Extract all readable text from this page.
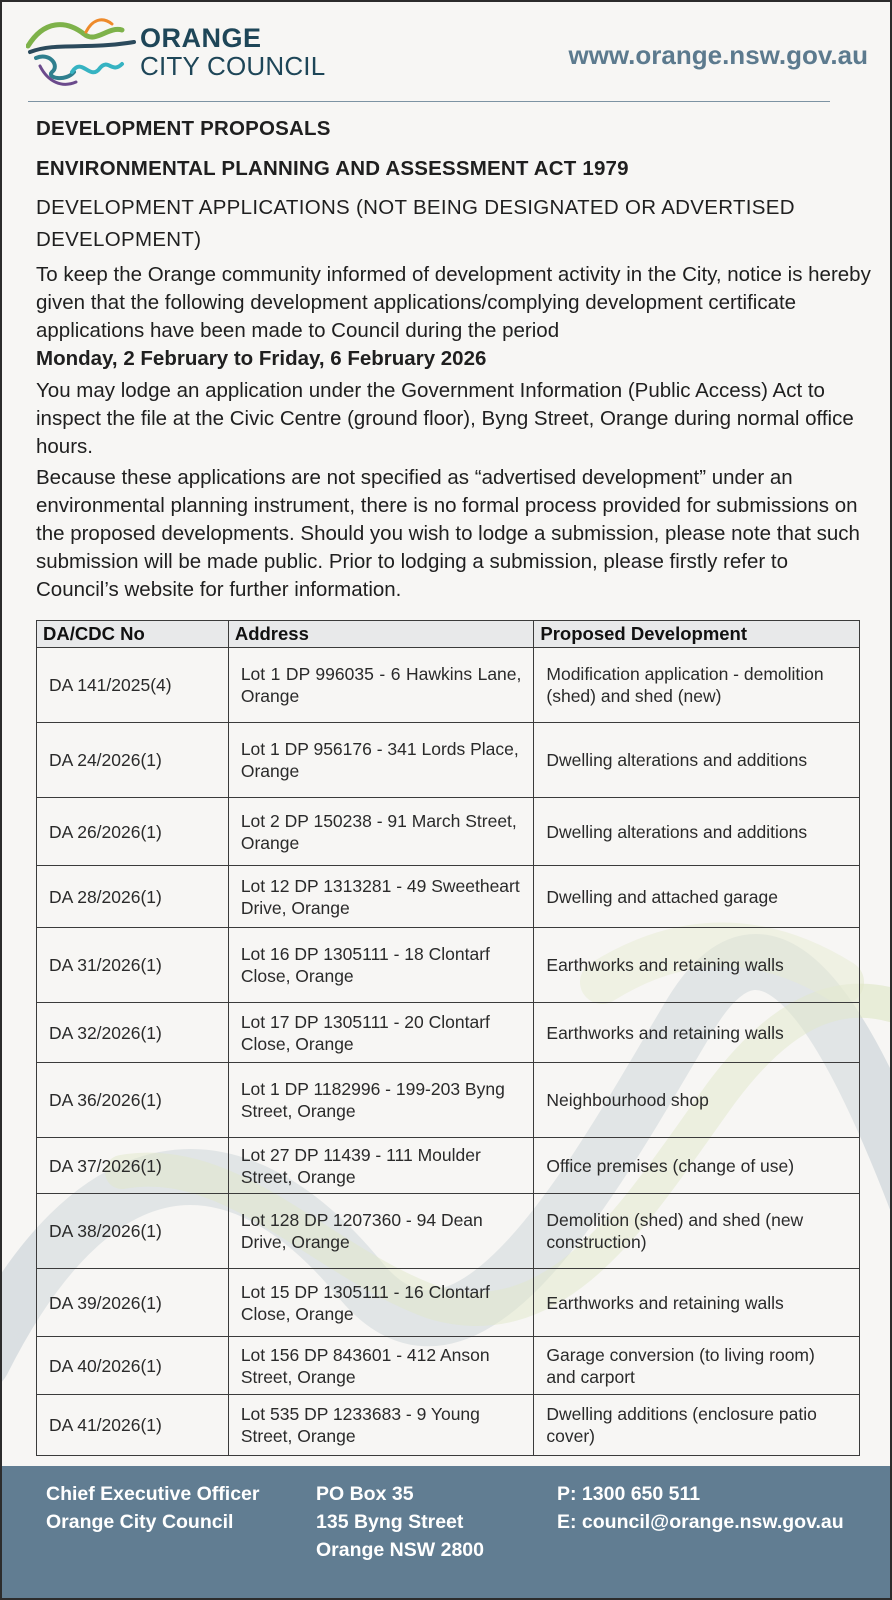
ORANGE
CITY COUNCIL	www.orange.nsw.gov.au
DEVELOPMENT PROPOSALS
ENVIRONMENTAL PLANNING AND ASSESSMENT ACT 1979

DEVELOPMENT APPLICATIONS (NOT BEING DESIGNATED OR ADVERTISED DEVELOPMENT)

To keep the Orange community informed of development activity in the City, notice is hereby given that the following development applications/complying development certificate applications have been made to Council during the period
Monday, 2 February to Friday, 6 February 2026

You may lodge an application under the Government Information (Public Access) Act to inspect the file at the Civic Centre (ground floor), Byng Street, Orange during normal office hours.

Because these applications are not specified as “advertised development” under an environmental planning instrument, there is no formal process provided for submissions on the proposed developments. Should you wish to lodge a submission, please note that such submission will be made public. Prior to lodging a submission, please firstly refer to Council’s website for further information.

DA/CDC No	Address	Proposed Development
DA 141/2025(4)	Lot 1 DP 996035 - 6 Hawkins Lane, Orange	Modification application - demolition (shed) and shed (new)
DA 24/2026(1)	Lot 1 DP 956176 - 341 Lords Place, Orange	Dwelling alterations and additions
DA 26/2026(1)	Lot 2 DP 150238 - 91 March Street, Orange	Dwelling alterations and additions
DA 28/2026(1)	Lot 12 DP 1313281 - 49 Sweetheart Drive, Orange	Dwelling and attached garage
DA 31/2026(1)	Lot 16 DP 1305111 - 18 Clontarf Close, Orange	Earthworks and retaining walls
DA 32/2026(1)	Lot 17 DP 1305111 - 20 Clontarf Close, Orange	Earthworks and retaining walls
DA 36/2026(1)	Lot 1 DP 1182996 - 199-203 Byng Street, Orange	Neighbourhood shop
DA 37/2026(1)	Lot 27 DP 11439 - 111 Moulder Street, Orange	Office premises (change of use)
DA 38/2026(1)	Lot 128 DP 1207360 - 94 Dean Drive, Orange	Demolition (shed) and shed (new construction)
DA 39/2026(1)	Lot 15 DP 1305111 - 16 Clontarf Close, Orange	Earthworks and retaining walls
DA 40/2026(1)	Lot 156 DP 843601 - 412 Anson Street, Orange	Garage conversion (to living room) and carport
DA 41/2026(1)	Lot 535 DP 1233683 - 9 Young Street, Orange	Dwelling additions (enclosure patio cover)
Chief Executive Officer
Orange City Council
PO Box 35
135 Byng Street
Orange NSW 2800
P: 1300 650 511
E: council@orange.nsw.gov.au
